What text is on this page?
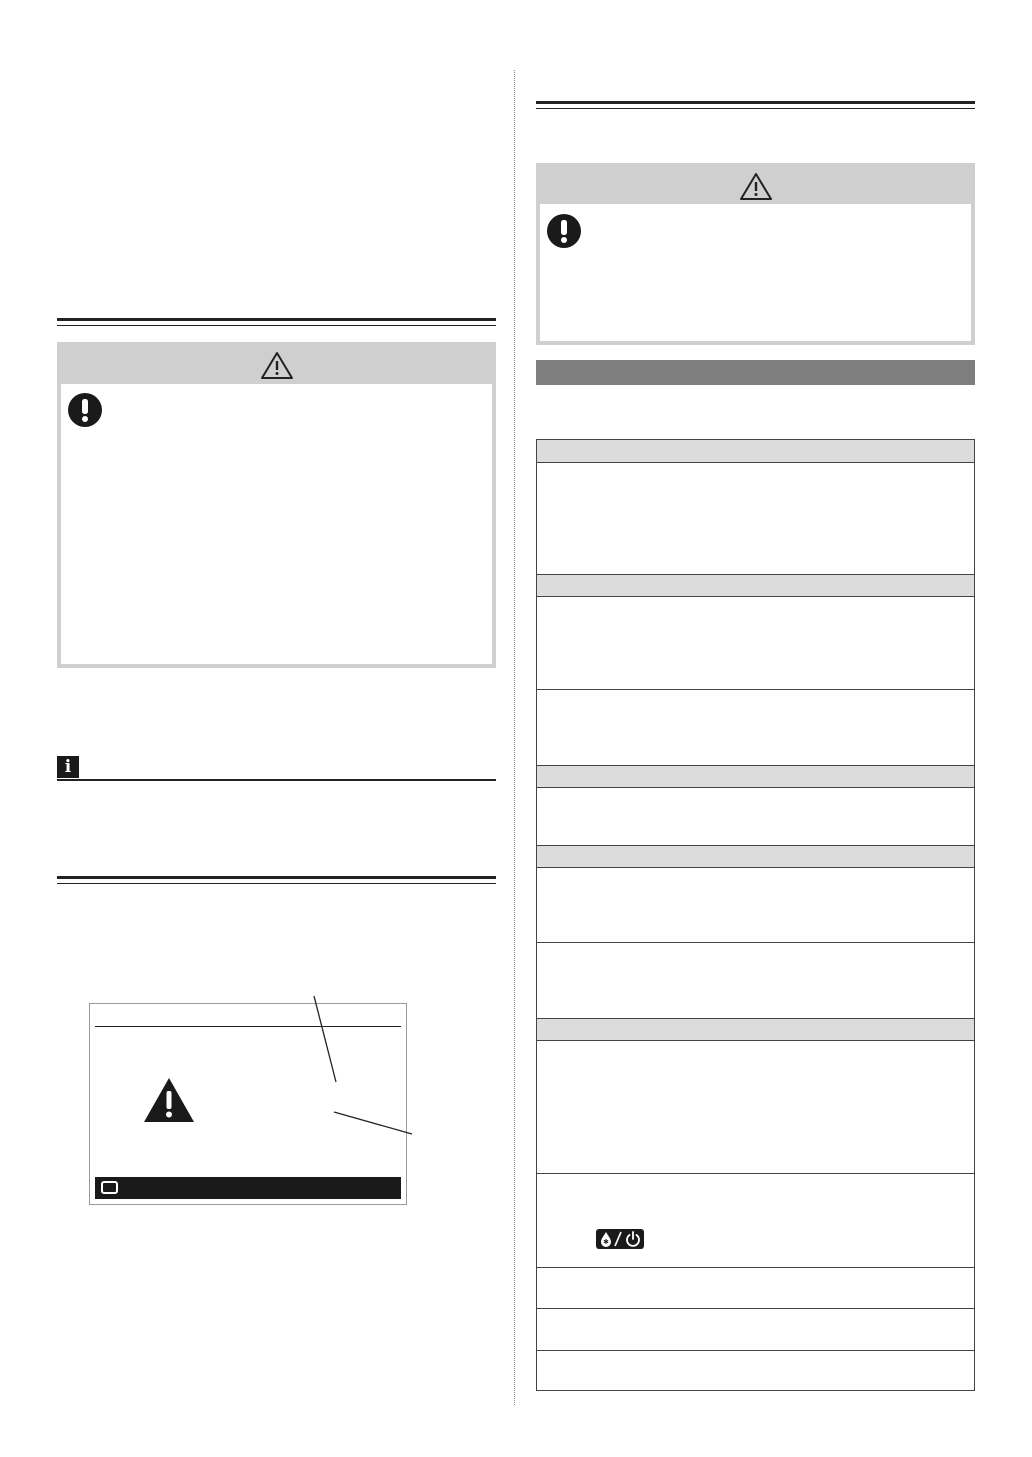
i
